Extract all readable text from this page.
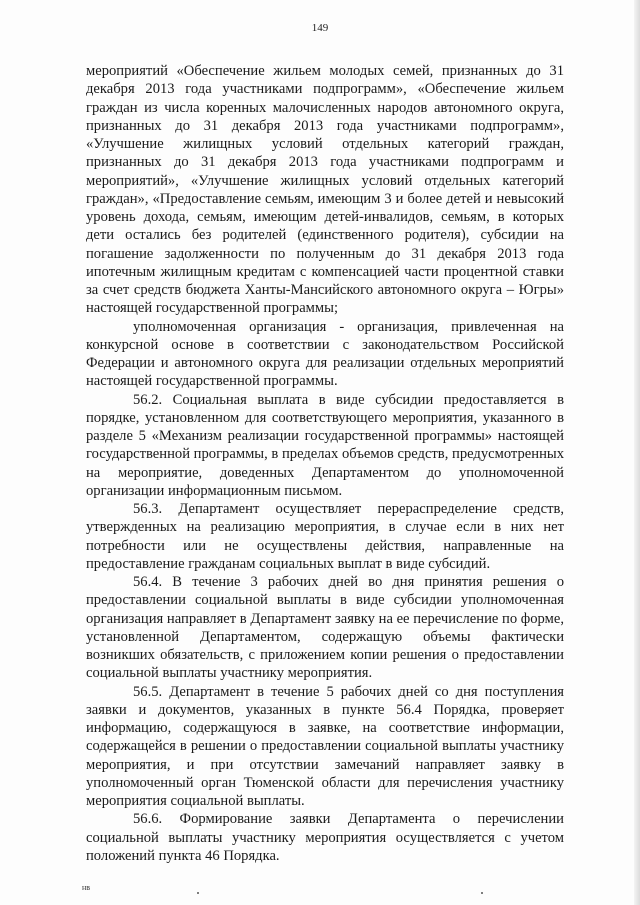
149

мероприятий «Обеспечение жильем молодых семей, признанных до 31 декабря 2013 года участниками подпрограмм», «Обеспечение жильем граждан из числа коренных малочисленных народов автономного округа, признанных до 31 декабря 2013 года участниками подпрограмм», «Улучшение жилищных условий отдельных категорий граждан, признанных до 31 декабря 2013 года участниками подпрограмм и мероприятий», «Улучшение жилищных условий отдельных категорий граждан», «Предоставление семьям, имеющим 3 и более детей и невысокий уровень дохода, семьям, имеющим детей-инвалидов, семьям, в которых дети остались без родителей (единственного родителя), субсидии на погашение задолженности по полученным до 31 декабря 2013 года ипотечным жилищным кредитам с компенсацией части процентной ставки за счет средств бюджета Ханты-Мансийского автономного округа – Югры» настоящей государственной программы;

уполномоченная организация - организация, привлеченная на конкурсной основе в соответствии с законодательством Российской Федерации и автономного округа для реализации отдельных мероприятий настоящей государственной программы.

56.2. Социальная выплата в виде субсидии предоставляется в порядке, установленном для соответствующего мероприятия, указанного в разделе 5 «Механизм реализации государственной программы» настоящей государственной программы, в пределах объемов средств, предусмотренных на мероприятие, доведенных Департаментом до уполномоченной организации информационным письмом.

56.3. Департамент осуществляет перераспределение средств, утвержденных на реализацию мероприятия, в случае если в них нет потребности или не осуществлены действия, направленные на предоставление гражданам социальных выплат в виде субсидий.

56.4. В течение 3 рабочих дней во дня принятия решения о предоставлении социальной выплаты в виде субсидии уполномоченная организация направляет в Департамент заявку на ее перечисление по форме, установленной Департаментом, содержащую объемы фактически возникших обязательств, с приложением копии решения о предоставлении социальной выплаты участнику мероприятия.

56.5. Департамент в течение 5 рабочих дней со дня поступления заявки и документов, указанных в пункте 56.4 Порядка, проверяет информацию, содержащуюся в заявке, на соответствие информации, содержащейся в решении о предоставлении социальной выплаты участнику мероприятия, и при отсутствии замечаний направляет заявку в уполномоченный орган Тюменской области для перечисления участнику мероприятия социальной выплаты.

56.6. Формирование заявки Департамента о перечислении социальной выплаты участнику мероприятия осуществляется с учетом положений пункта 46 Порядка.

нв
